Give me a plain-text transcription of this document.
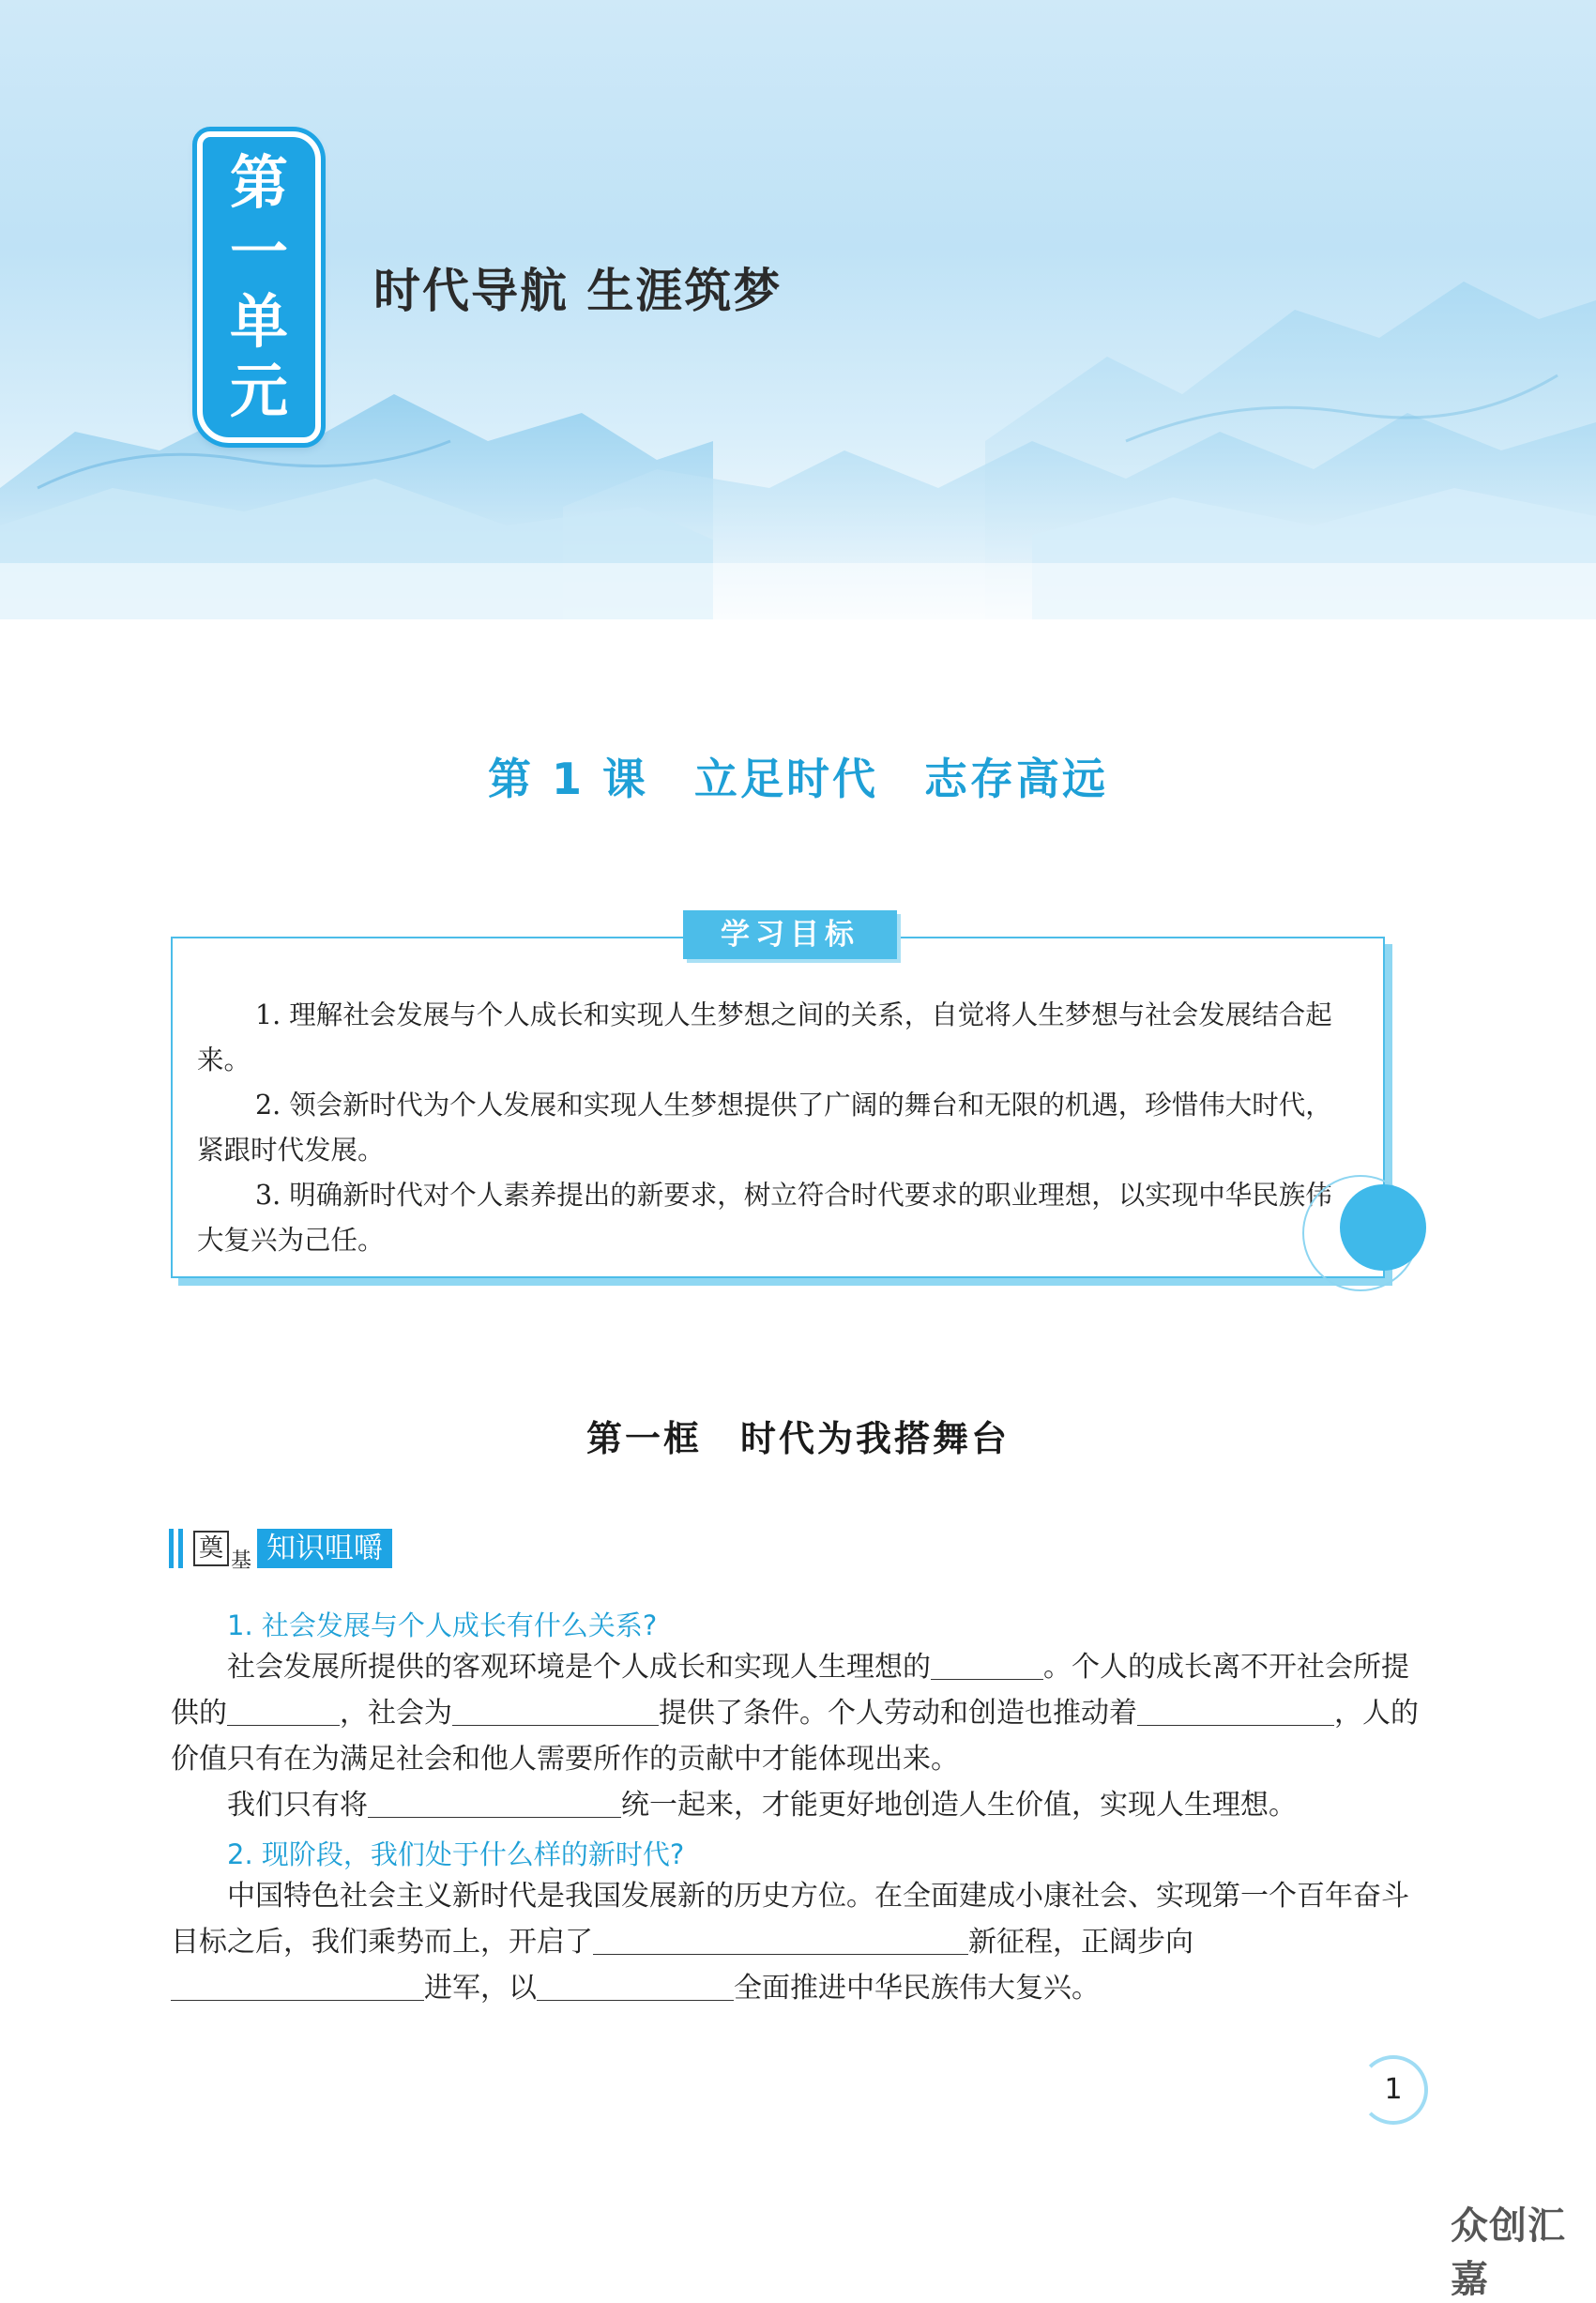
第
一
单
元
时代导航 生涯筑梦
第 1 课　立足时代　志存高远
学习目标

1. 理解社会发展与个人成长和实现人生梦想之间的关系，自觉将人生梦想与社会发展结合起来。

2. 领会新时代为个人发展和实现人生梦想提供了广阔的舞台和无限的机遇，珍惜伟大时代，紧跟时代发展。

3. 明确新时代对个人素养提出的新要求，树立符合时代要求的职业理想，以实现中华民族伟大复兴为己任。

第一框　时代为我搭舞台
奠 基 知识咀嚼
1. 社会发展与个人成长有什么关系?

社会发展所提供的客观环境是个人成长和实现人生理想的	。个人的成长离不开社会所提供的	，社会为	提供了条件。个人劳动和创造也推动着	，人的价值只有在为满足社会和他人需要所作的贡献中才能体现出来。

我们只有将	统一起来，才能更好地创造人生价值，实现人生理想。

2. 现阶段，我们处于什么样的新时代?

中国特色社会主义新时代是我国发展新的历史方位。在全面建成小康社会、实现第一个百年奋斗目标之后，我们乘势而上，开启了	新征程，正阔步向进军，以	全面推进中华民族伟大复兴。

1
众创汇嘉
